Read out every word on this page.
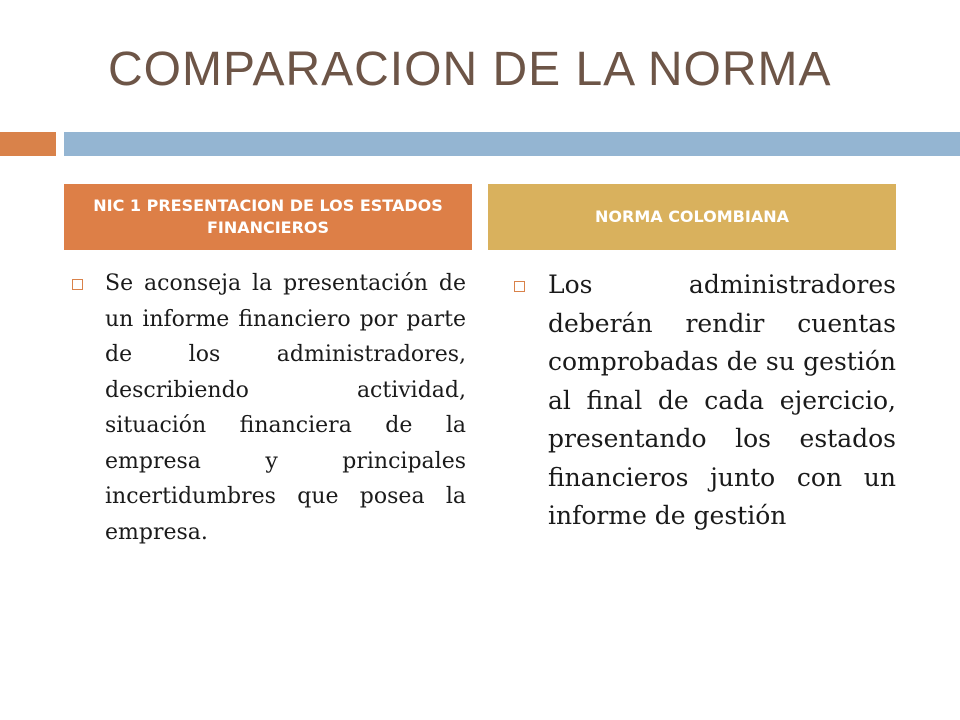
COMPARACION DE LA NORMA
NIC 1 PRESENTACION DE LOS ESTADOS FINANCIEROS
NORMA COLOMBIANA
Se aconseja la presentación de un informe financiero por parte de los administradores, describiendo actividad, situación financiera de la empresa y principales incertidumbres que posea la empresa.
Los administradores deberán rendir cuentas comprobadas de su gestión al final de cada ejercicio, presentando los estados financieros junto con un informe de gestión
